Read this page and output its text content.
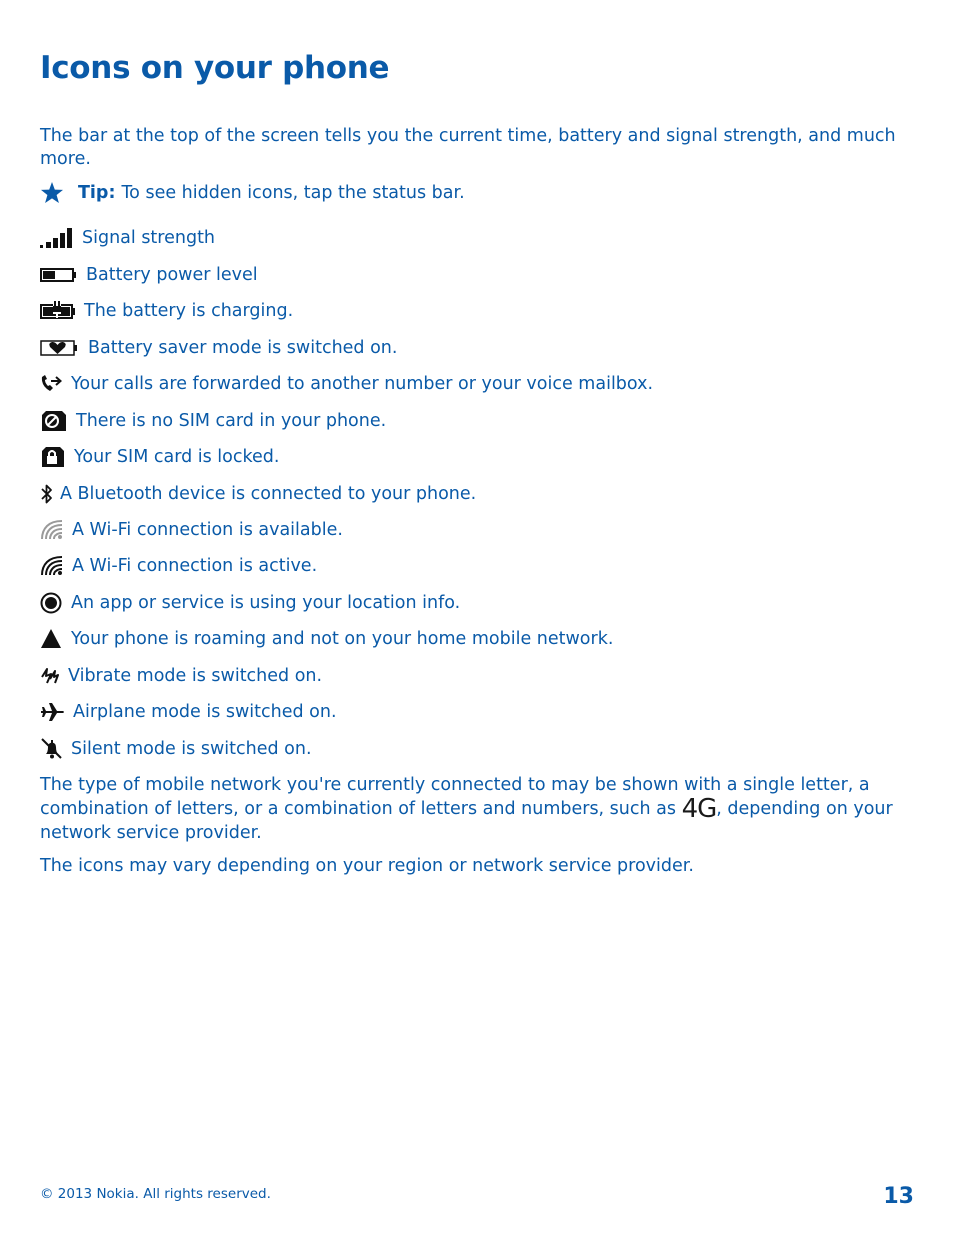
Icons on your phone

The bar at the top of the screen tells you the current time, battery and signal strength, and much more.

Tip: To see hidden icons, tap the status bar.
Signal strength
Battery power level
The battery is charging.
Battery saver mode is switched on.
Your calls are forwarded to another number or your voice mailbox.
There is no SIM card in your phone.
Your SIM card is locked.
A Bluetooth device is connected to your phone.
A Wi-Fi connection is available.
A Wi-Fi connection is active.
An app or service is using your location info.
Your phone is roaming and not on your home mobile network.
Vibrate mode is switched on.
Airplane mode is switched on.
Silent mode is switched on.

The type of mobile network you're currently connected to may be shown with a single letter, a combination of letters, or a combination of letters and numbers, such as 4G, depending on your network service provider.

The icons may vary depending on your region or network service provider.

© 2013 Nokia. All rights reserved.	13
